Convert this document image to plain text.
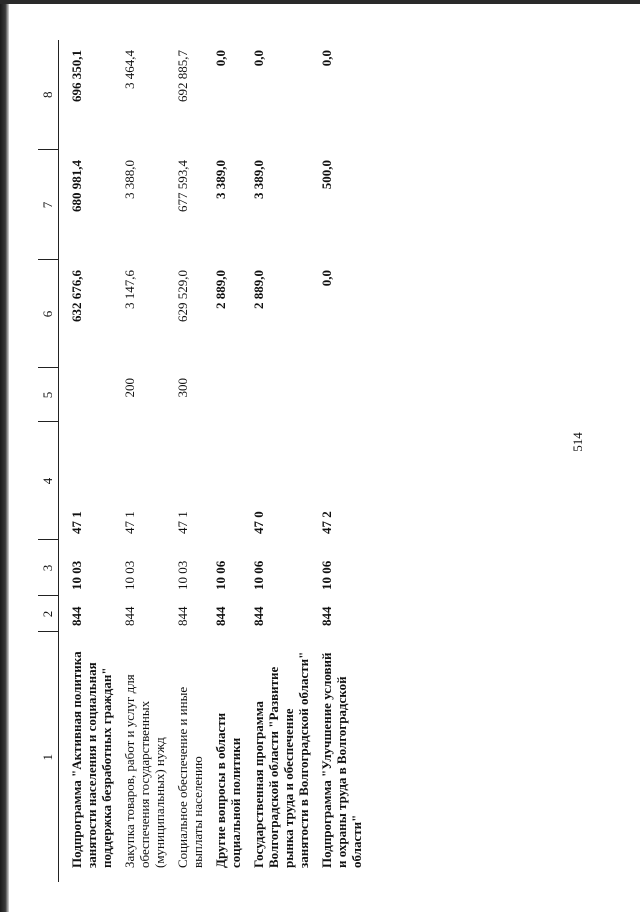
514
1	2	3	4	5	6	7	8
Подпрограмма "Активная политика занятости населения и социальная поддержка безработных граждан"	844	10 03	47 1		632 676,6	680 981,4	696 350,1
Закупка товаров, работ и услуг для обеспечения государственных (муниципальных) нужд	844	10 03	47 1	200	3 147,6	3 388,0	3 464,4
Социальное обеспечение и иные выплаты населению	844	10 03	47 1	300	629 529,0	677 593,4	692 885,7
Другие вопросы в области социальной политики	844	10 06			2 889,0	3 389,0	0,0
Государственная программа Волгоградской области "Развитие рынка труда и обеспечение занятости в Волгоградской области"	844	10 06	47 0		2 889,0	3 389,0	0,0
Подпрограмма "Улучшение условий и охраны труда в Волгоградской области"	844	10 06	47 2		0,0	500,0	0,0
